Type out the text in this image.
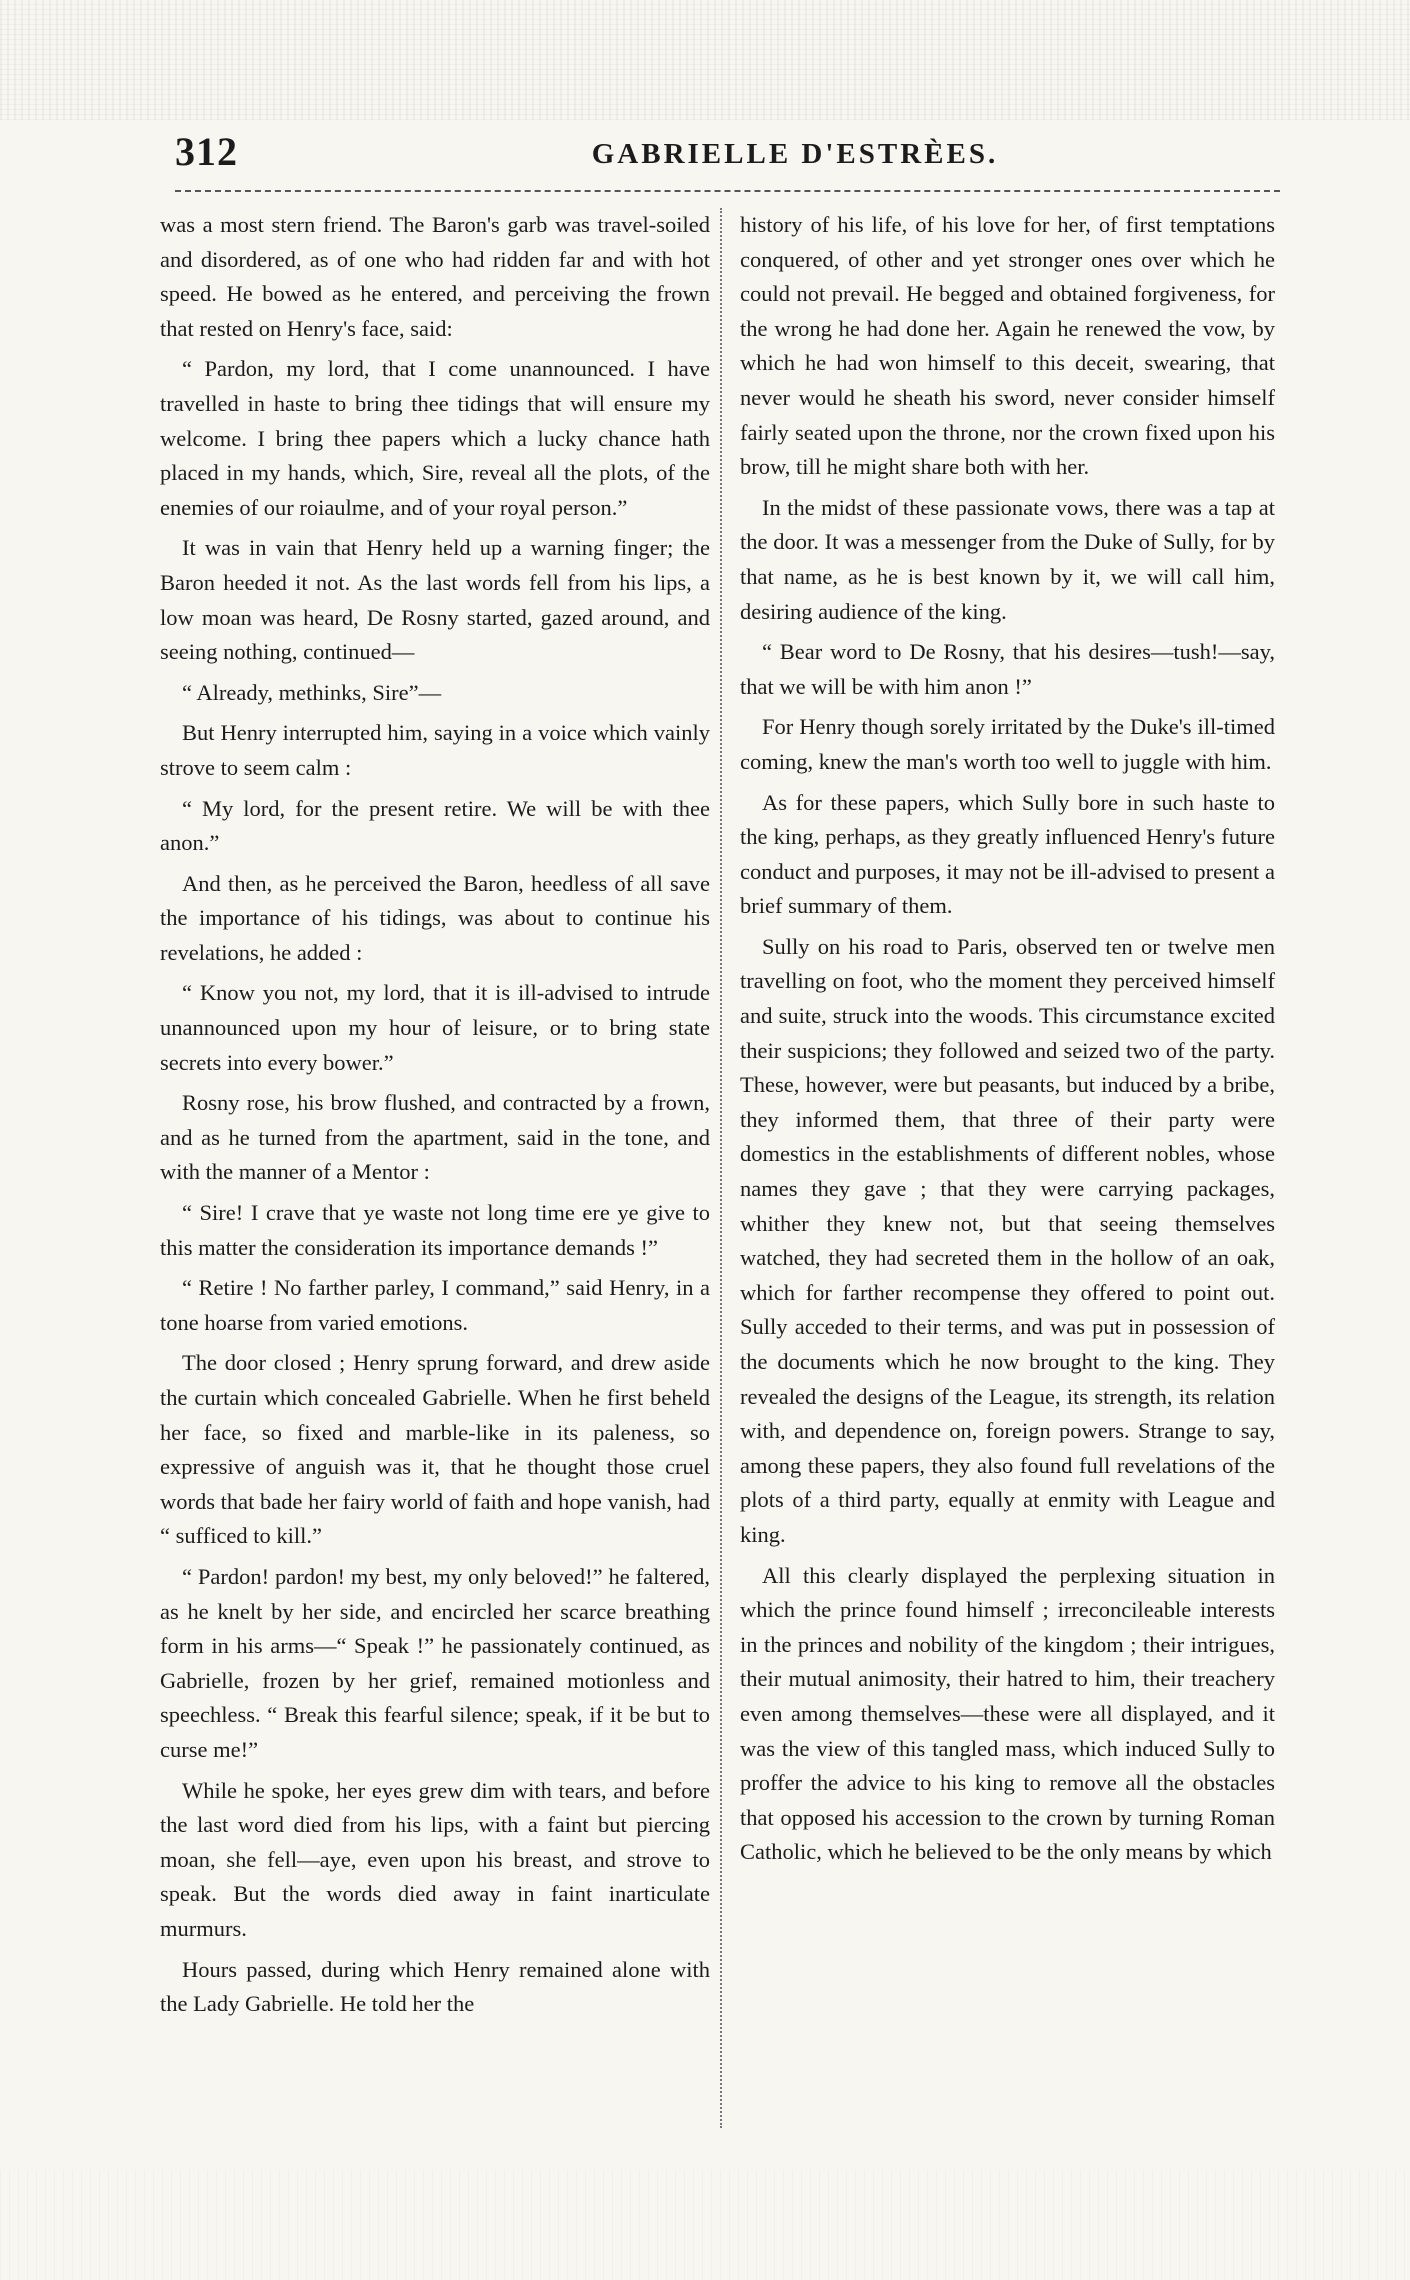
312	GABRIELLE D'ESTRÈES.

was a most stern friend. The Baron's garb was travel-soiled and disordered, as of one who had ridden far and with hot speed. He bowed as he entered, and perceiving the frown that rested on Henry's face, said:

“ Pardon, my lord, that I come unannounced. I have travelled in haste to bring thee tidings that will ensure my welcome. I bring thee papers which a lucky chance hath placed in my hands, which, Sire, reveal all the plots, of the enemies of our roiaulme, and of your royal person.”

It was in vain that Henry held up a warning finger; the Baron heeded it not. As the last words fell from his lips, a low moan was heard, De Rosny started, gazed around, and seeing nothing, continued—

“ Already, methinks, Sire”—

But Henry interrupted him, saying in a voice which vainly strove to seem calm :

“ My lord, for the present retire. We will be with thee anon.”

And then, as he perceived the Baron, heedless of all save the importance of his tidings, was about to continue his revelations, he added :

“ Know you not, my lord, that it is ill-advised to intrude unannounced upon my hour of leisure, or to bring state secrets into every bower.”

Rosny rose, his brow flushed, and contracted by a frown, and as he turned from the apartment, said in the tone, and with the manner of a Mentor :

“ Sire! I crave that ye waste not long time ere ye give to this matter the consideration its importance demands !”

“ Retire ! No farther parley, I command,” said Henry, in a tone hoarse from varied emotions.

The door closed ; Henry sprung forward, and drew aside the curtain which concealed Gabrielle. When he first beheld her face, so fixed and marble-like in its paleness, so expressive of anguish was it, that he thought those cruel words that bade her fairy world of faith and hope vanish, had “ sufficed to kill.”

“ Pardon! pardon! my best, my only beloved!” he faltered, as he knelt by her side, and encircled her scarce breathing form in his arms—“ Speak !” he passionately continued, as Gabrielle, frozen by her grief, remained motionless and speechless. “ Break this fearful silence; speak, if it be but to curse me!”

While he spoke, her eyes grew dim with tears, and before the last word died from his lips, with a faint but piercing moan, she fell—aye, even upon his breast, and strove to speak. But the words died away in faint inarticulate murmurs.

Hours passed, during which Henry remained alone with the Lady Gabrielle. He told her the

history of his life, of his love for her, of first temptations conquered, of other and yet stronger ones over which he could not prevail. He begged and obtained forgiveness, for the wrong he had done her. Again he renewed the vow, by which he had won himself to this deceit, swearing, that never would he sheath his sword, never consider himself fairly seated upon the throne, nor the crown fixed upon his brow, till he might share both with her.

In the midst of these passionate vows, there was a tap at the door. It was a messenger from the Duke of Sully, for by that name, as he is best known by it, we will call him, desiring audience of the king.

“ Bear word to De Rosny, that his desires—tush!—say, that we will be with him anon !”

For Henry though sorely irritated by the Duke's ill-timed coming, knew the man's worth too well to juggle with him.

As for these papers, which Sully bore in such haste to the king, perhaps, as they greatly influenced Henry's future conduct and purposes, it may not be ill-advised to present a brief summary of them.

Sully on his road to Paris, observed ten or twelve men travelling on foot, who the moment they perceived himself and suite, struck into the woods. This circumstance excited their suspicions; they followed and seized two of the party. These, however, were but peasants, but induced by a bribe, they informed them, that three of their party were domestics in the establishments of different nobles, whose names they gave ; that they were carrying packages, whither they knew not, but that seeing themselves watched, they had secreted them in the hollow of an oak, which for farther recompense they offered to point out. Sully acceded to their terms, and was put in possession of the documents which he now brought to the king. They revealed the designs of the League, its strength, its relation with, and dependence on, foreign powers. Strange to say, among these papers, they also found full revelations of the plots of a third party, equally at enmity with League and king.

All this clearly displayed the perplexing situation in which the prince found himself ; irreconcileable interests in the princes and nobility of the kingdom ; their intrigues, their mutual animosity, their hatred to him, their treachery even among themselves—these were all displayed, and it was the view of this tangled mass, which induced Sully to proffer the advice to his king to remove all the obstacles that opposed his accession to the crown by turning Roman Catholic, which he believed to be the only means by which
